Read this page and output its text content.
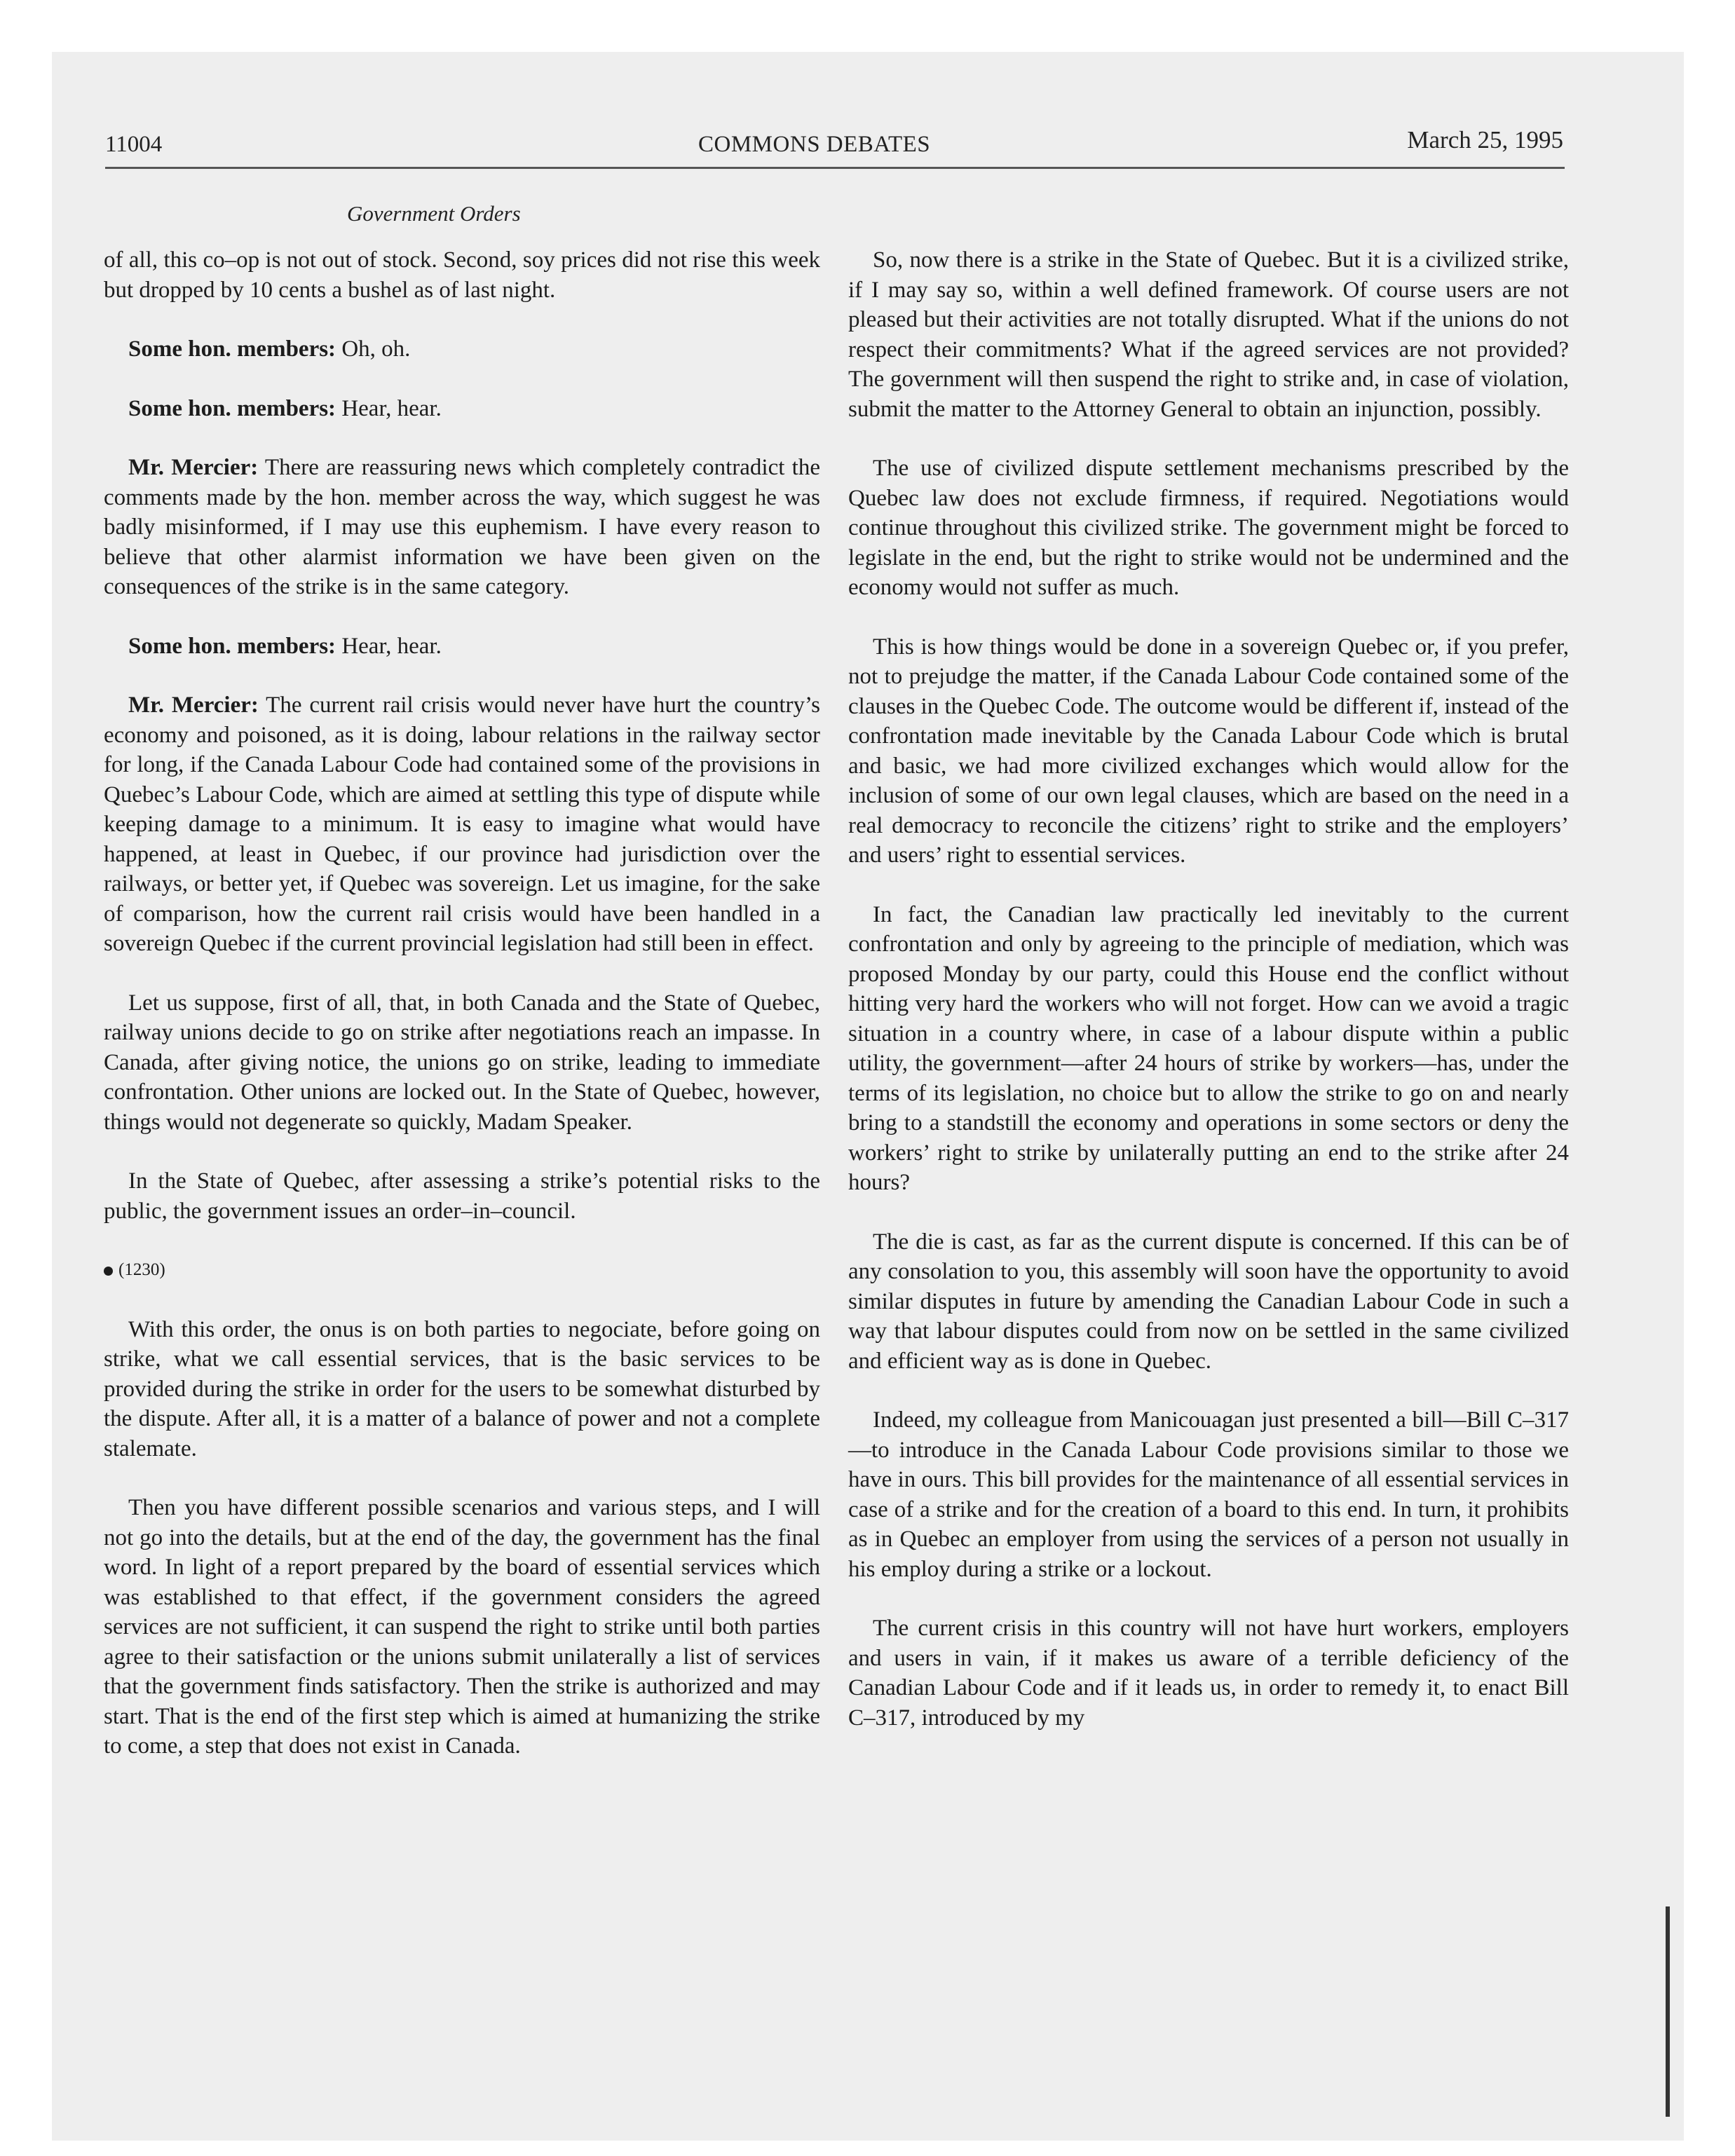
11004	COMMONS DEBATES	March 25, 1995
Government Orders

of all, this co–op is not out of stock. Second, soy prices did not rise this week but dropped by 10 cents a bushel as of last night.

Some hon. members: Oh, oh.

Some hon. members: Hear, hear.

Mr. Mercier: There are reassuring news which completely contradict the comments made by the hon. member across the way, which suggest he was badly misinformed, if I may use this euphemism. I have every reason to believe that other alarmist information we have been given on the consequences of the strike is in the same category.

Some hon. members: Hear, hear.

Mr. Mercier: The current rail crisis would never have hurt the country’s economy and poisoned, as it is doing, labour relations in the railway sector for long, if the Canada Labour Code had contained some of the provisions in Quebec’s Labour Code, which are aimed at settling this type of dispute while keeping damage to a minimum. It is easy to imagine what would have happened, at least in Quebec, if our province had jurisdiction over the railways, or better yet, if Quebec was sovereign. Let us imagine, for the sake of comparison, how the current rail crisis would have been handled in a sovereign Quebec if the current provincial legislation had still been in effect.

Let us suppose, first of all, that, in both Canada and the State of Quebec, railway unions decide to go on strike after negotiations reach an impasse. In Canada, after giving notice, the unions go on strike, leading to immediate confrontation. Other unions are locked out. In the State of Quebec, however, things would not degenerate so quickly, Madam Speaker.

In the State of Quebec, after assessing a strike’s potential risks to the public, the government issues an order–in–council.

(1230)

With this order, the onus is on both parties to negociate, before going on strike, what we call essential services, that is the basic services to be provided during the strike in order for the users to be somewhat disturbed by the dispute. After all, it is a matter of a balance of power and not a complete stalemate.

Then you have different possible scenarios and various steps, and I will not go into the details, but at the end of the day, the government has the final word. In light of a report prepared by the board of essential services which was established to that effect, if the government considers the agreed services are not sufficient, it can suspend the right to strike until both parties agree to their satisfaction or the unions submit unilaterally a list of services that the government finds satisfactory. Then the strike is authorized and may start. That is the end of the first step which is aimed at humanizing the strike to come, a step that does not exist in Canada.

So, now there is a strike in the State of Quebec. But it is a civilized strike, if I may say so, within a well defined framework. Of course users are not pleased but their activities are not totally disrupted. What if the unions do not respect their commitments? What if the agreed services are not provided? The government will then suspend the right to strike and, in case of violation, submit the matter to the Attorney General to obtain an injunction, possibly.

The use of civilized dispute settlement mechanisms prescribed by the Quebec law does not exclude firmness, if required. Negotiations would continue throughout this civilized strike. The government might be forced to legislate in the end, but the right to strike would not be undermined and the economy would not suffer as much.

This is how things would be done in a sovereign Quebec or, if you prefer, not to prejudge the matter, if the Canada Labour Code contained some of the clauses in the Quebec Code. The outcome would be different if, instead of the confrontation made inevitable by the Canada Labour Code which is brutal and basic, we had more civilized exchanges which would allow for the inclusion of some of our own legal clauses, which are based on the need in a real democracy to reconcile the citizens’ right to strike and the employers’ and users’ right to essential services.

In fact, the Canadian law practically led inevitably to the current confrontation and only by agreeing to the principle of mediation, which was proposed Monday by our party, could this House end the conflict without hitting very hard the workers who will not forget. How can we avoid a tragic situation in a country where, in case of a labour dispute within a public utility, the government—after 24 hours of strike by workers—has, under the terms of its legislation, no choice but to allow the strike to go on and nearly bring to a standstill the economy and operations in some sectors or deny the workers’ right to strike by unilaterally putting an end to the strike after 24 hours?

The die is cast, as far as the current dispute is concerned. If this can be of any consolation to you, this assembly will soon have the opportunity to avoid similar disputes in future by amending the Canadian Labour Code in such a way that labour disputes could from now on be settled in the same civilized and efficient way as is done in Quebec.

Indeed, my colleague from Manicouagan just presented a bill—Bill C–317—to introduce in the Canada Labour Code provisions similar to those we have in ours. This bill provides for the maintenance of all essential services in case of a strike and for the creation of a board to this end. In turn, it prohibits as in Quebec an employer from using the services of a person not usually in his employ during a strike or a lockout.

The current crisis in this country will not have hurt workers, employers and users in vain, if it makes us aware of a terrible deficiency of the Canadian Labour Code and if it leads us, in order to remedy it, to enact Bill C–317, introduced by my
